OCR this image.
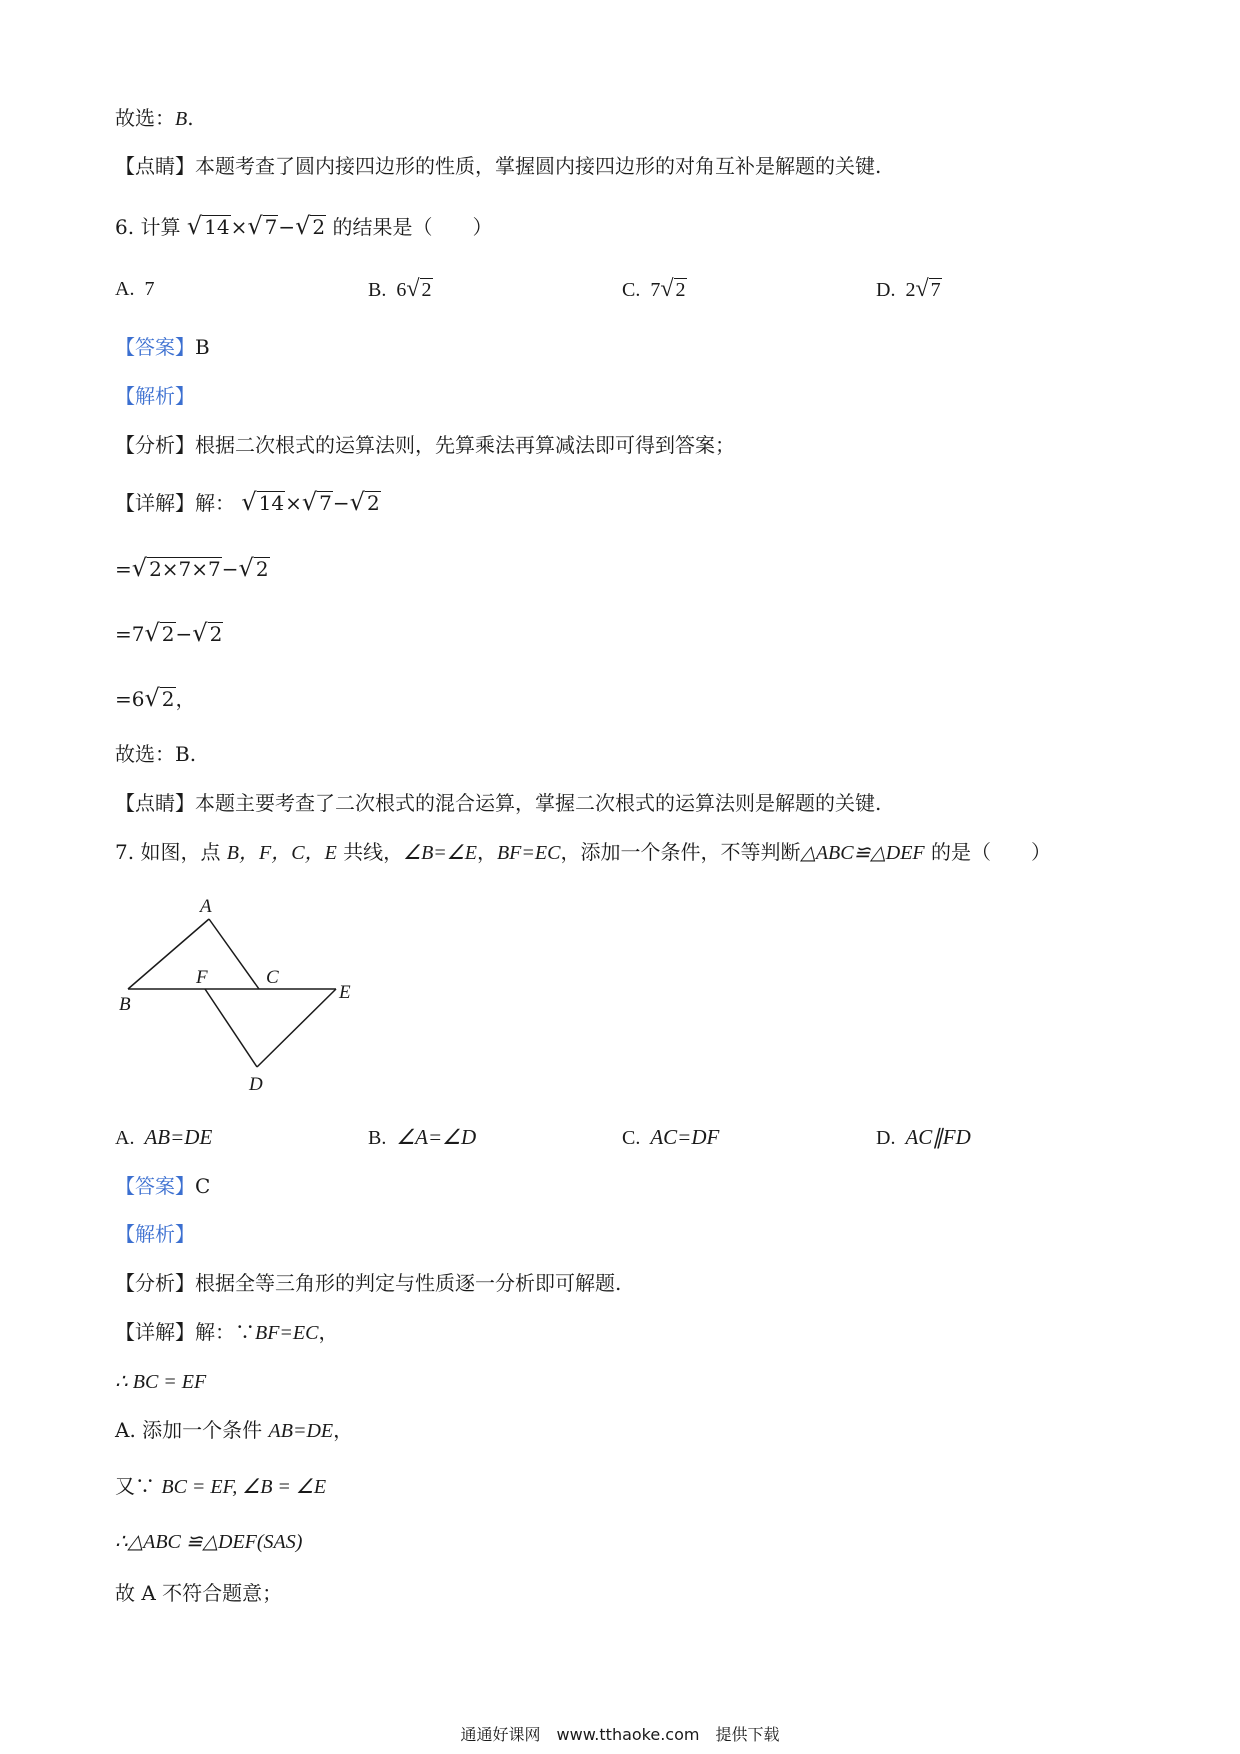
故选：B.
【点睛】本题考查了圆内接四边形的性质，掌握圆内接四边形的对角互补是解题的关键.
6. 计算 √ 14×√ 7−√ 2 的结果是（　　）
A. 7	B. 6√ 2	C. 7√ 2	D. 2√ 7
【答案】B
【解析】
【分析】根据二次根式的运算法则，先算乘法再算减法即可得到答案；
【详解】解： √ 14×√ 7−√ 2
=√ 2×7×7−√ 2
=7√ 2−√ 2
=6√ 2，
故选：B.
【点睛】本题主要考查了二次根式的混合运算，掌握二次根式的运算法则是解题的关键.
7. 如图，点 B，F，C，E 共线，∠B=∠E，BF=EC，添加一个条件，不等判断△ABC≌△DEF 的是（　　）
A
B
F	C
E
D
A. AB=DE	B. ∠A=∠D	C. AC=DF	D. AC∥FD
【答案】C
【解析】
【分析】根据全等三角形的判定与性质逐一分析即可解题.
【详解】解：∵BF=EC，
∴ BC = EF
A. 添加一个条件 AB=DE，
又∵ BC = EF, ∠B = ∠E
∴△ABC ≌△DEF(SAS)
故 A 不符合题意；
通通好课网　www.tthaoke.com　提供下载
